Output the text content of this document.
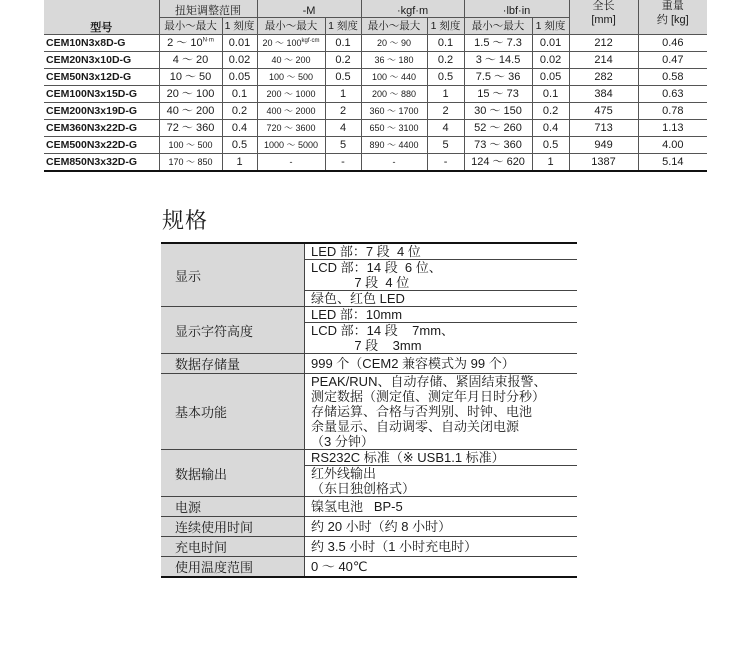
型号	扭矩调整范围		-M		·kgf·m		·lbf·in		全长
[mm]	重量
约 [kg]
	最小～最大	1 刻度	最小～最大	1 刻度	最小～最大	1 刻度	最小～最大	1 刻度		
CEM10N3x8D-G	2 ～ $10^{N\cdot m}$	0.01	20 ～ $100^{kgf\cdot cm}$	0.1	20 ～ 90	0.1	1.5 ～ 7.3	0.01	212	0.46
CEM20N3x10D-G	4 ～ 20	0.02	40 ～ 200	0.2	36 ～ 180	0.2	3 ～ 14.5	0.02	214	0.47
CEM50N3x12D-G	10 ～ 50	0.05	100 ～ 500	0.5	100 ～ 440	0.5	7.5 ～ 36	0.05	282	0.58
CEM100N3x15D-G	20 ～ 100	0.1	200 ～ 1000	1	200 ～ 880	1	15 ～ 73	0.1	384	0.63
CEM200N3x19D-G	40 ～ 200	0.2	400 ～ 2000	2	360 ～ 1700	2	30 ～ 150	0.2	475	0.78
CEM360N3x22D-G	72 ～ 360	0.4	720 ～ 3600	4	650 ～ 3100	4	52 ～ 260	0.4	713	1.13
CEM500N3x22D-G	100 ～ 500	0.5	1000 ～ 5000	5	890 ～ 4400	5	73 ～ 360	0.5	949	4.00
CEM850N3x32D-G	170 ～ 850	1	-	-	-	-	124 ～ 620	1	1387	5.14
规格
显示	LED 部：7 段  4 位

	LCD 部：14 段  6 位、
7 段  4 位

	绿色、红色 LED

显示字符高度	LED 部：10mm

	LCD 部：14 段    7mm、
7 段    3mm

数据存储量	999 个（CEM2 兼容模式为 99 个）

基本功能	PEAK/RUN、自动存储、紧固结束报警、
测定数据（测定值、测定年月日时分秒）
存储运算、合格与否判别、时钟、电池
余量显示、自动调零、自动关闭电源
（3 分钟）

数据输出	RS232C 标准（※ USB1.1 标准）

	红外线输出
（东日独创格式）

电源	镍氢电池   BP-5

连续使用时间	约 20 小时（约 8 小时）

充电时间	约 3.5 小时（1 小时充电时）

使用温度范围	0 ～ 40℃
